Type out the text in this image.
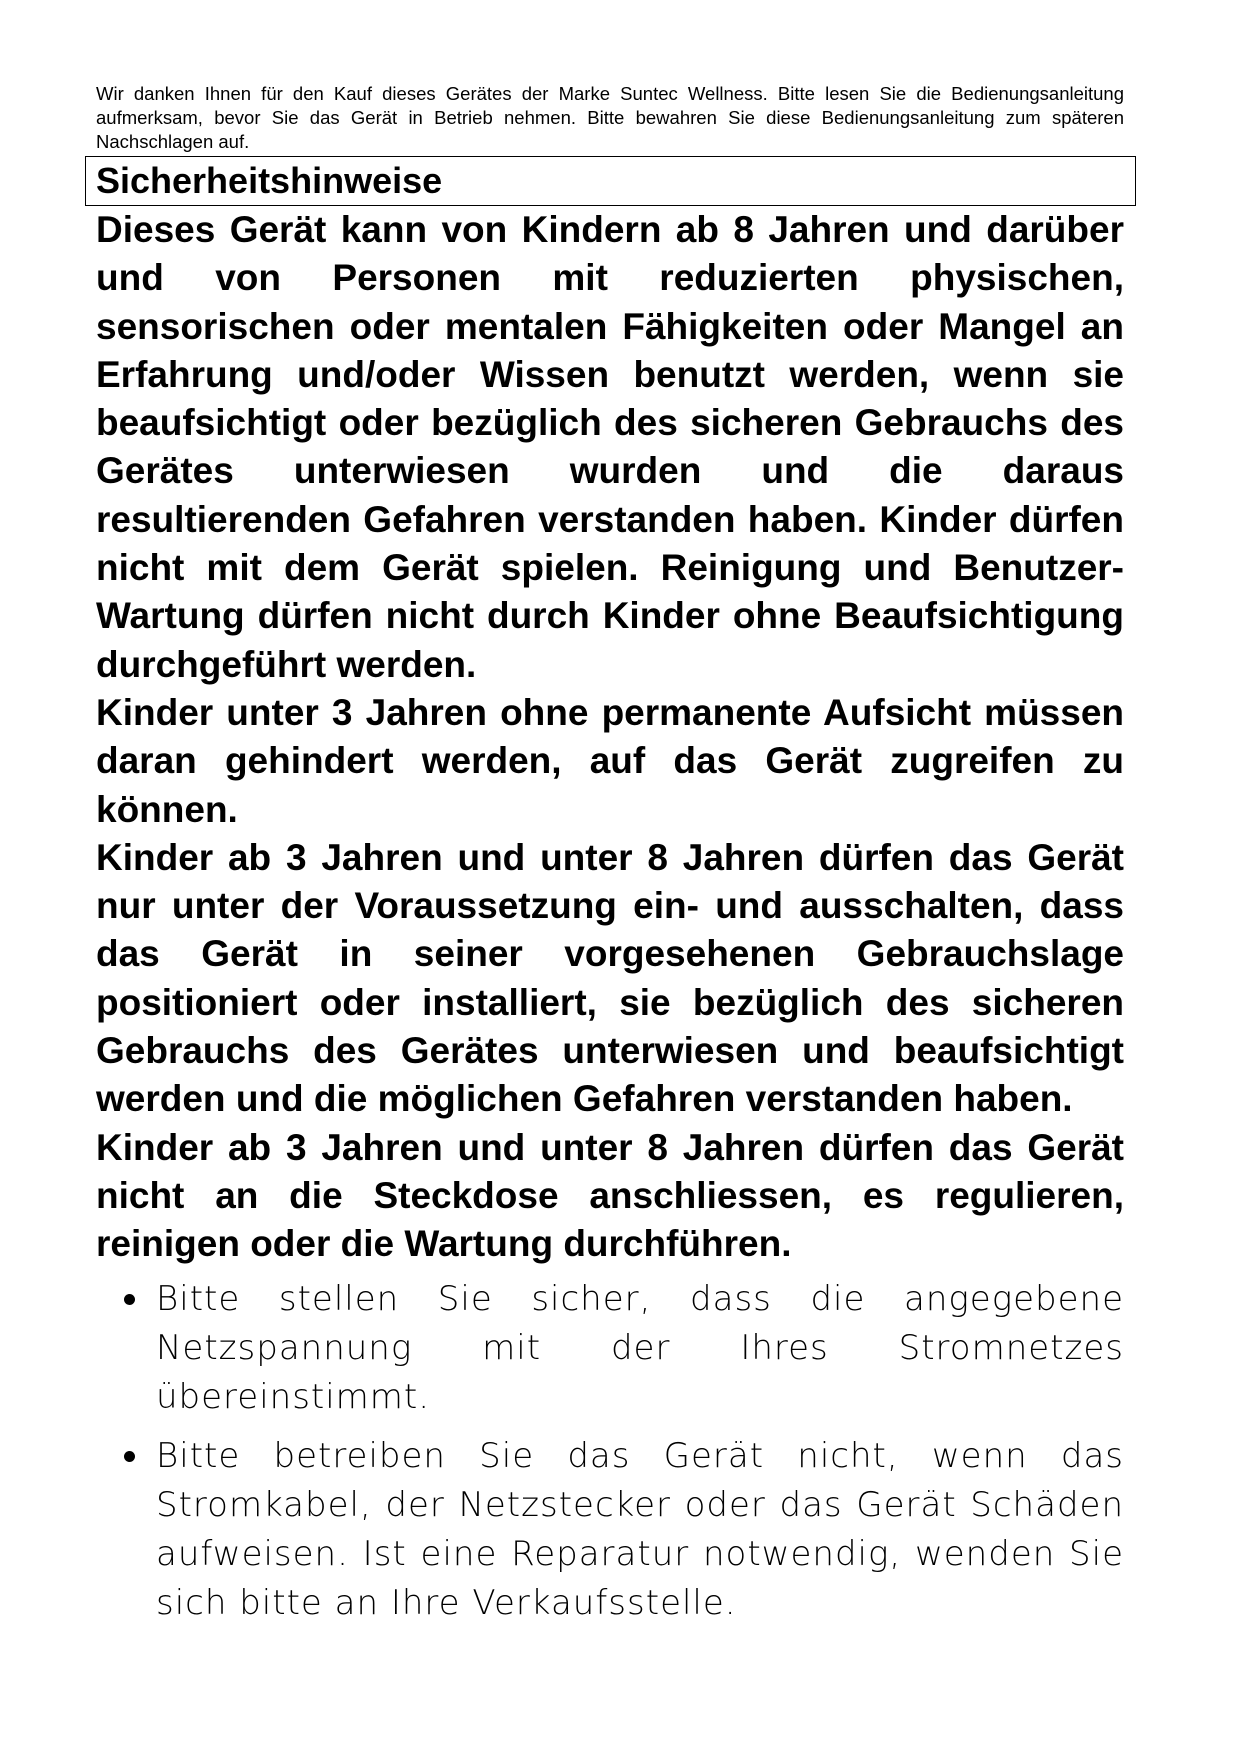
Wir danken Ihnen für den Kauf dieses Gerätes der Marke Suntec Wellness. Bitte lesen Sie die Bedienungsanleitung aufmerksam, bevor Sie das Gerät in Betrieb nehmen. Bitte bewahren Sie diese Bedienungsanleitung zum späteren Nachschlagen auf.

Sicherheitshinweise

Dieses Gerät kann von Kindern ab 8 Jahren und darüber und von Personen mit reduzierten physischen, sensorischen oder mentalen Fähigkeiten oder Mangel an Erfahrung und/oder Wissen benutzt werden, wenn sie beaufsichtigt oder bezüglich des sicheren Gebrauchs des Gerätes unterwiesen wurden und die daraus resultierenden Gefahren verstanden haben. Kinder dürfen nicht mit dem Gerät spielen. Reinigung und Benutzer-Wartung dürfen nicht durch Kinder ohne Beaufsichtigung durchgeführt werden.

Kinder unter 3 Jahren ohne permanente Aufsicht müssen daran gehindert werden, auf das Gerät zugreifen zu können.

Kinder ab 3 Jahren und unter 8 Jahren dürfen das Gerät nur unter der Voraussetzung ein- und ausschalten, dass das Gerät in seiner vorgesehenen Gebrauchslage positioniert oder installiert, sie bezüglich des sicheren Gebrauchs des Gerätes unterwiesen und beaufsichtigt werden und die möglichen Gefahren verstanden haben.

Kinder ab 3 Jahren und unter 8 Jahren dürfen das Gerät nicht an die Steckdose anschliessen, es regulieren, reinigen oder die Wartung durchführen.

Bitte stellen Sie sicher, dass die angegebene Netzspannung mit der Ihres Stromnetzes übereinstimmt.
Bitte betreiben Sie das Gerät nicht, wenn das Stromkabel, der Netzstecker oder das Gerät Schäden aufweisen. Ist eine Reparatur notwendig, wenden Sie sich bitte an Ihre Verkaufsstelle.
